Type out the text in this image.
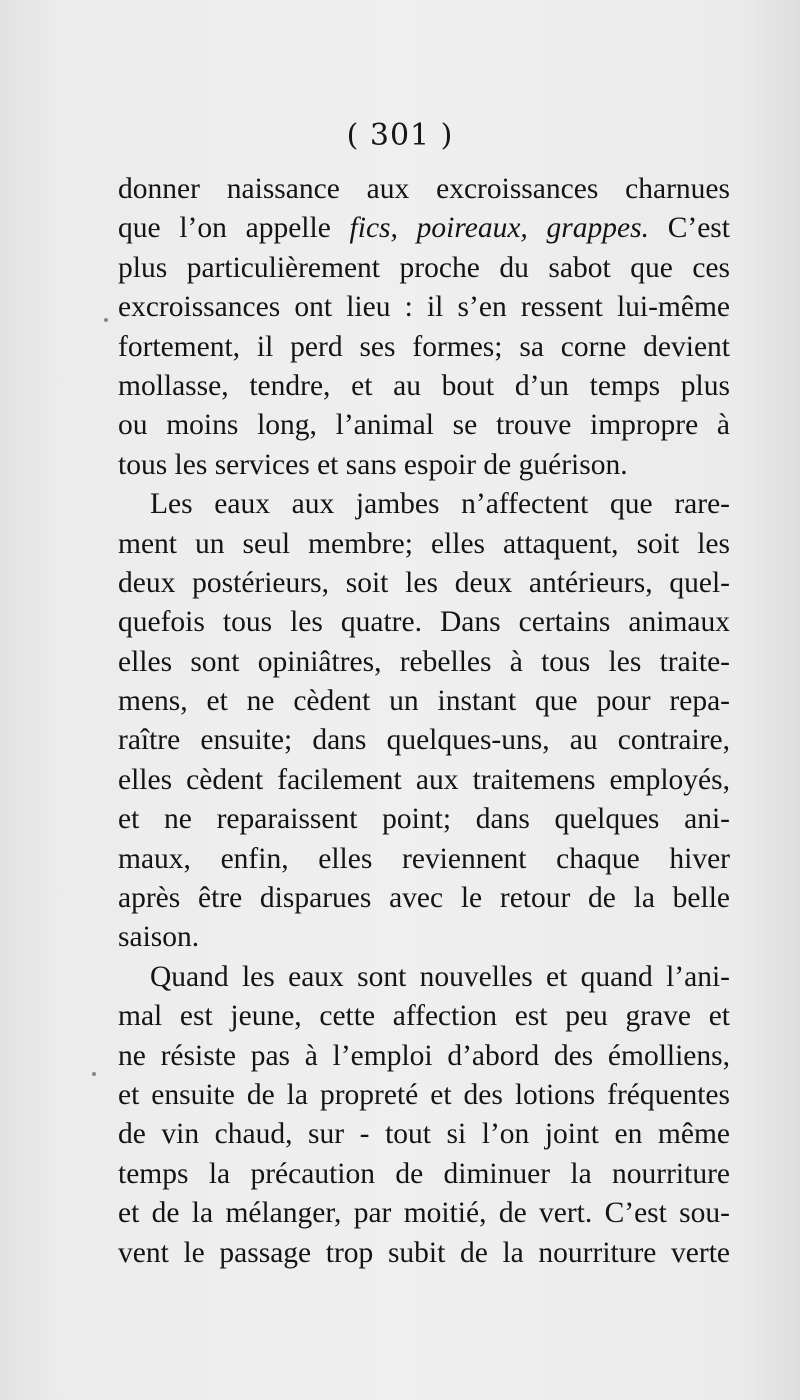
( 301 )
donner naissance aux excroissances charnues
que l’on appelle fics, poireaux, grappes. C’est
plus particulièrement proche du sabot que ces
excroissances ont lieu : il s’en ressent lui-même
fortement, il perd ses formes; sa corne devient
mollasse, tendre, et au bout d’un temps plus
ou moins long, l’animal se trouve impropre à
tous les services et sans espoir de guérison.
Les eaux aux jambes n’affectent que rare-
ment un seul membre; elles attaquent, soit les
deux postérieurs, soit les deux antérieurs, quel-
quefois tous les quatre. Dans certains animaux
elles sont opiniâtres, rebelles à tous les traite-
mens, et ne cèdent un instant que pour repa-
raître ensuite; dans quelques-uns, au contraire,
elles cèdent facilement aux traitemens employés,
et ne reparaissent point; dans quelques ani-
maux, enfin, elles reviennent chaque hiver
après être disparues avec le retour de la belle
saison.
Quand les eaux sont nouvelles et quand l’ani-
mal est jeune, cette affection est peu grave et
ne résiste pas à l’emploi d’abord des émolliens,
et ensuite de la propreté et des lotions fréquentes
de vin chaud, sur - tout si l’on joint en même
temps la précaution de diminuer la nourriture
et de la mélanger, par moitié, de vert. C’est sou-
vent le passage trop subit de la nourriture verte
